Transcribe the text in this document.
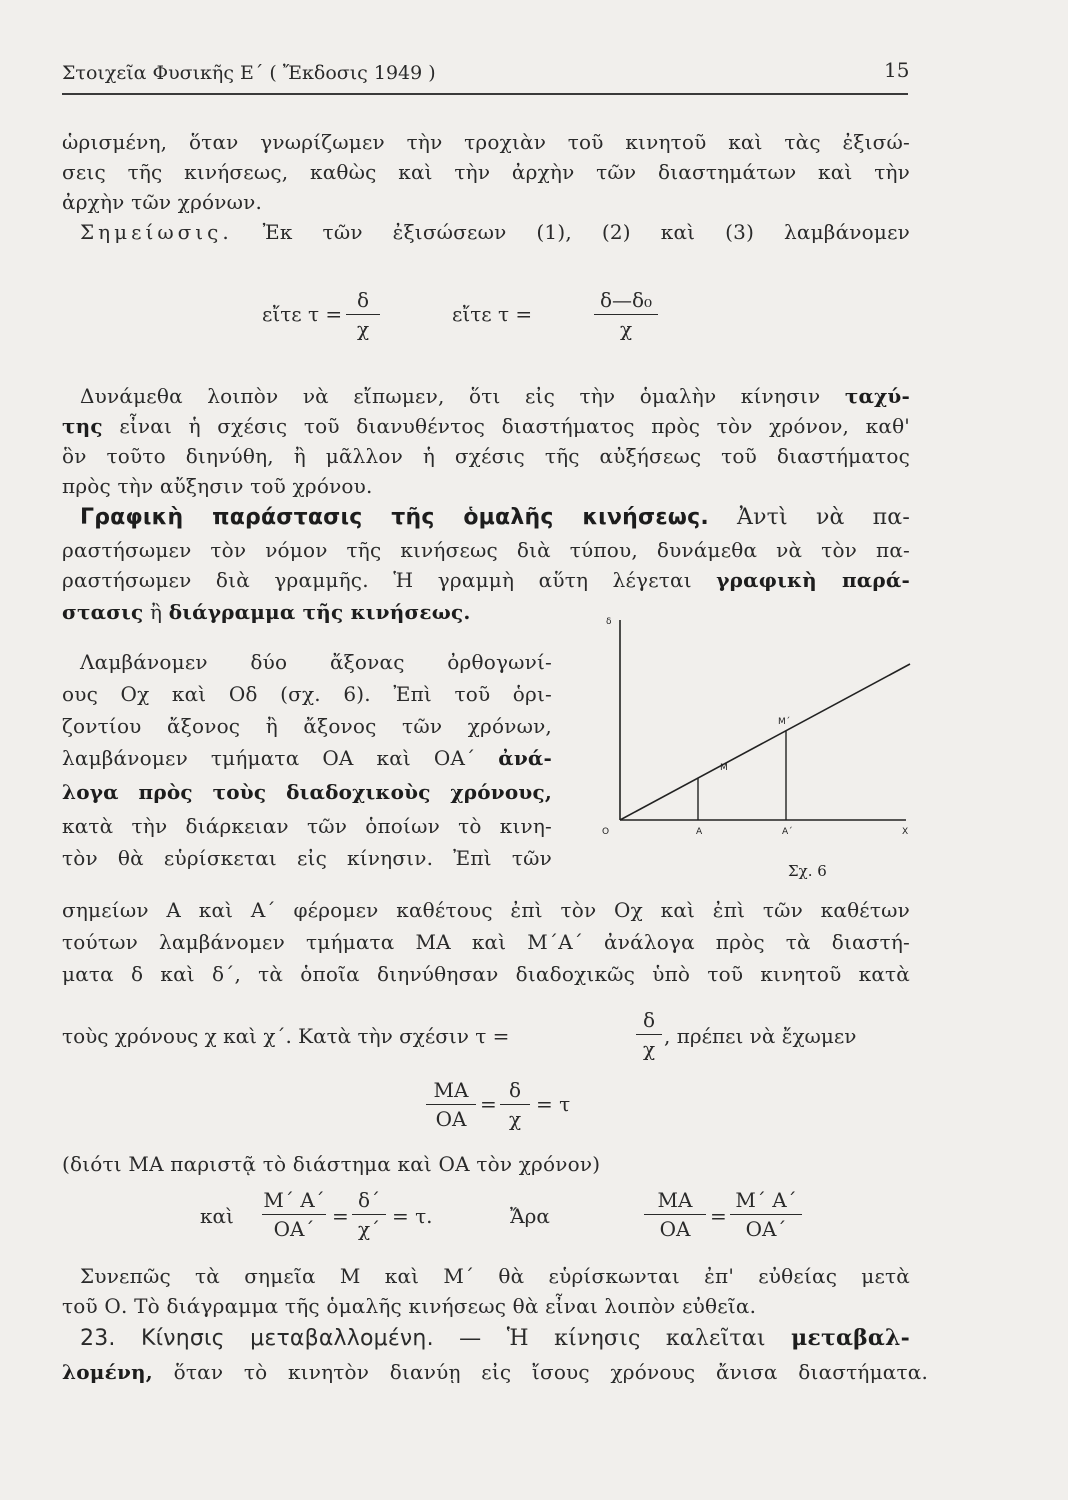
Στοιχεῖα Φυσικῆς Ε΄ ( Ἔκδοσις 1949 )	15
ὡρισμένη, ὅταν γνωρίζωμεν τὴν τροχιὰν τοῦ κινητοῦ καὶ τὰς ἐξισώ-
σεις τῆς κινήσεως, καθὼς καὶ τὴν ἀρχὴν τῶν διαστημάτων καὶ τὴν
ἀρχὴν τῶν χρόνων.
Σημείωσις. Ἐκ τῶν ἐξισώσεων (1), (2) καὶ (3) λαμβάνομεν
εἴτε τ =
δ
χ
εἴτε τ =
δ—δ₀
χ
Δυνάμεθα λοιπὸν νὰ εἴπωμεν, ὅτι εἰς τὴν ὁμαλὴν κίνησιν ταχύ-
της εἶναι ἡ σχέσις τοῦ διανυθέντος διαστήματος πρὸς τὸν χρόνον, καθ'
ὃν τοῦτο διηνύθη, ἢ μᾶλλον ἡ σχέσις τῆς αὐξήσεως τοῦ διαστήματος
πρὸς τὴν αὔξησιν τοῦ χρόνου.
Γραφικὴ παράστασις τῆς ὁμαλῆς κινήσεως. Ἀντὶ νὰ πα-
ραστήσωμεν τὸν νόμον τῆς κινήσεως διὰ τύπου, δυνάμεθα νὰ τὸν πα-
ραστήσωμεν διὰ γραμμῆς. Ἡ γραμμὴ αὕτη λέγεται γραφικὴ παρά-
στασις ἢ διάγραμμα τῆς κινήσεως.
Λαμβάνομεν δύο ἄξονας ὀρθογωνί-
ους Οχ καὶ Οδ (σχ. 6). Ἐπὶ τοῦ ὁρι-
ζοντίου ἄξονος ἢ ἄξονος τῶν χρόνων,
λαμβάνομεν τμήματα ΟΑ καὶ ΟΑ΄ ἀνά-
λογα πρὸς τοὺς διαδοχικοὺς χρόνους,
κατὰ τὴν διάρκειαν τῶν ὁποίων τὸ κινη-
τὸν θὰ εὑρίσκεται εἰς κίνησιν. Ἐπὶ τῶν
δ
O	A	A΄	X
M
M΄
Σχ. 6
σημείων Α καὶ Α΄ φέρομεν καθέτους ἐπὶ τὸν Οχ καὶ ἐπὶ τῶν καθέτων
τούτων λαμβάνομεν τμήματα ΜΑ καὶ Μ΄Α΄ ἀνάλογα πρὸς τὰ διαστή-
ματα δ καὶ δ΄, τὰ ὁποῖα διηνύθησαν διαδοχικῶς ὑπὸ τοῦ κινητοῦ κατὰ
τοὺς χρόνους χ καὶ χ΄. Κατὰ τὴν σχέσιν τ =
δ
χ
, πρέπει νὰ ἔχωμεν
ΜΑ
ΟΑ
=
δ
χ
= τ
(διότι ΜΑ παριστᾷ τὸ διάστημα καὶ ΟΑ τὸν χρόνον)
καὶ
Μ΄ Α΄
ΟΑ΄
=
δ΄
χ΄
= τ.	Ἄρα
ΜΑ
ΟΑ
=
Μ΄ Α΄
ΟΑ΄
Συνεπῶς τὰ σημεῖα Μ καὶ Μ΄ θὰ εὑρίσκωνται ἐπ' εὐθείας μετὰ
τοῦ Ο. Τὸ διάγραμμα τῆς ὁμαλῆς κινήσεως θὰ εἶναι λοιπὸν εὐθεῖα.
23. Κίνησις μεταβαλλομένη. — Ἡ κίνησις καλεῖται μεταβαλ-
λομένη, ὅταν τὸ κινητὸν διανύῃ εἰς ἴσους χρόνους ἄνισα διαστήματα.
